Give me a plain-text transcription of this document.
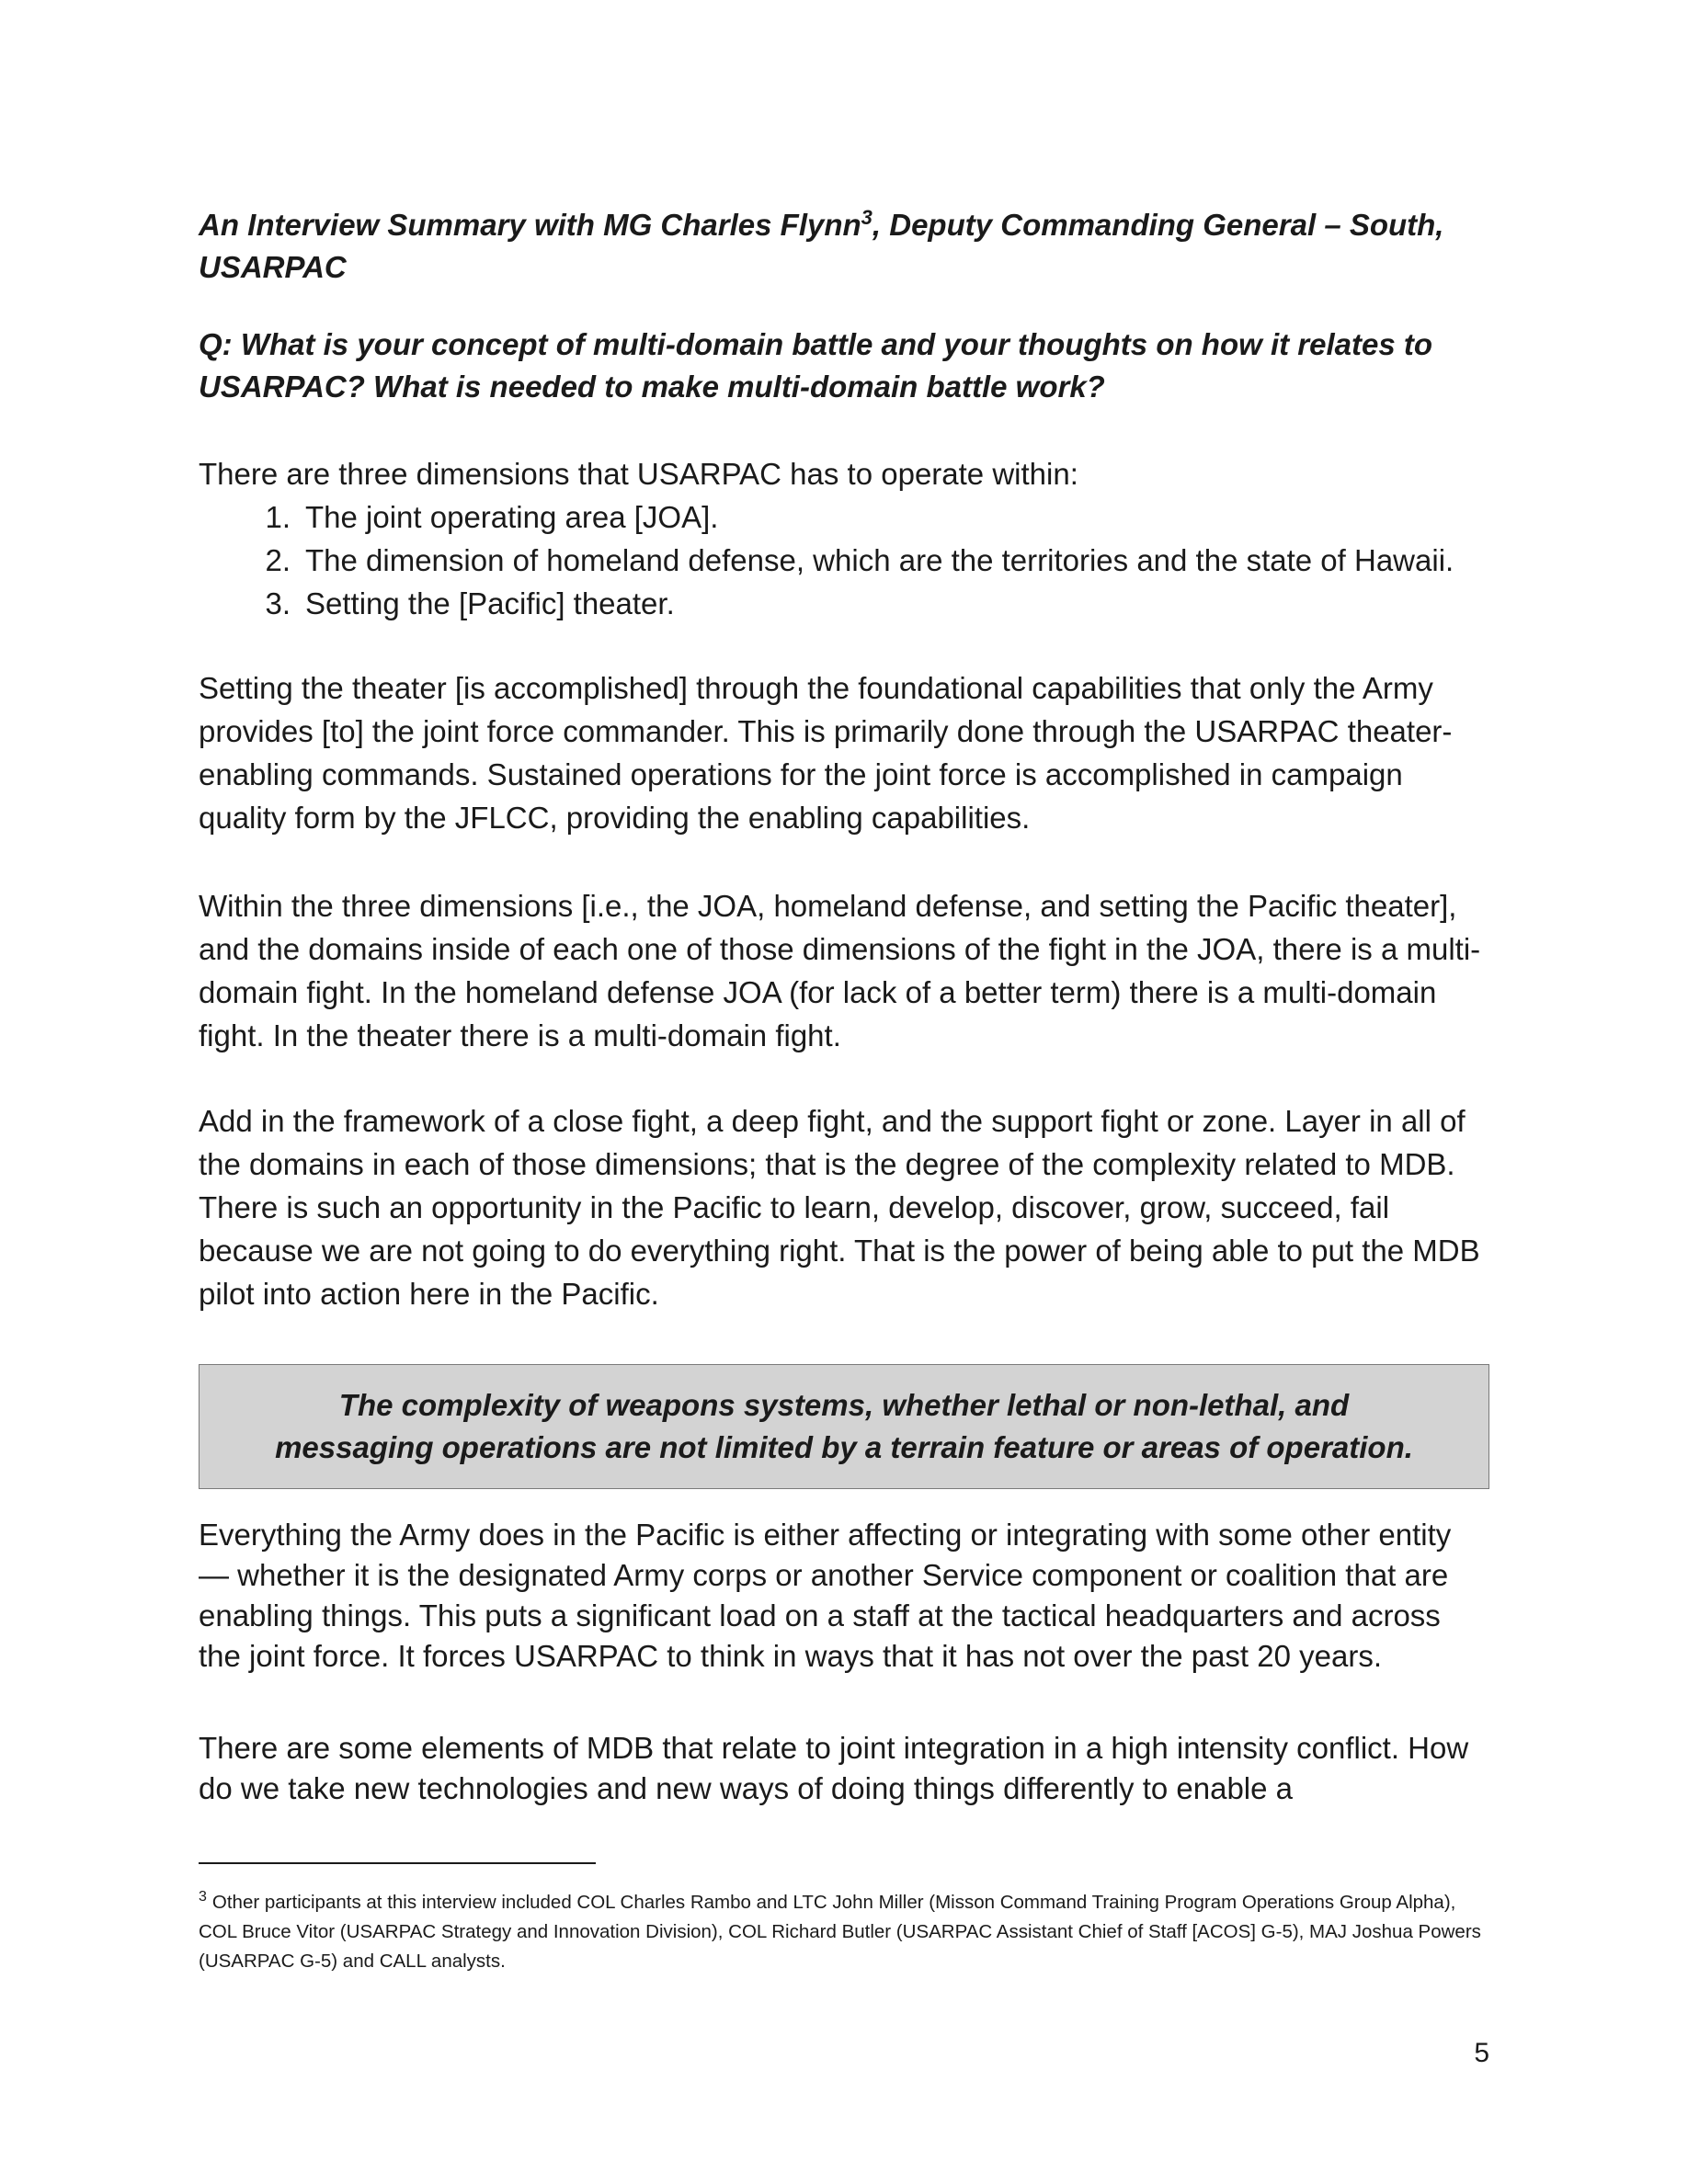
An Interview Summary with MG Charles Flynn$^3$, Deputy Commanding General – South, USARPAC

Q: What is your concept of multi-domain battle and your thoughts on how it relates to USARPAC? What is needed to make multi-domain battle work?

There are three dimensions that USARPAC has to operate within:

1. The joint operating area [JOA].
2. The dimension of homeland defense, which are the territories and the state of Hawaii.
3. Setting the [Pacific] theater.

Setting the theater [is accomplished] through the foundational capabilities that only the Army provides [to] the joint force commander. This is primarily done through the USARPAC theater-enabling commands. Sustained operations for the joint force is accomplished in campaign quality form by the JFLCC, providing the enabling capabilities.

Within the three dimensions [i.e., the JOA, homeland defense, and setting the Pacific theater], and the domains inside of each one of those dimensions of the fight in the JOA, there is a multi-domain fight. In the homeland defense JOA (for lack of a better term) there is a multi-domain fight. In the theater there is a multi-domain fight.

Add in the framework of a close fight, a deep fight, and the support fight or zone. Layer in all of the domains in each of those dimensions; that is the degree of the complexity related to MDB. There is such an opportunity in the Pacific to learn, develop, discover, grow, succeed, fail because we are not going to do everything right. That is the power of being able to put the MDB pilot into action here in the Pacific.

The complexity of weapons systems, whether lethal or non-lethal, and messaging operations are not limited by a terrain feature or areas of operation.

Everything the Army does in the Pacific is either affecting or integrating with some other entity — whether it is the designated Army corps or another Service component or coalition that are enabling things. This puts a significant load on a staff at the tactical headquarters and across the joint force. It forces USARPAC to think in ways that it has not over the past 20 years.

There are some elements of MDB that relate to joint integration in a high intensity conflict. How do we take new technologies and new ways of doing things differently to enable a

$^3$ Other participants at this interview included COL Charles Rambo and LTC John Miller (Misson Command Training Program Operations Group Alpha), COL Bruce Vitor (USARPAC Strategy and Innovation Division), COL Richard Butler (USARPAC Assistant Chief of Staff [ACOS] G-5), MAJ Joshua Powers (USARPAC G-5) and CALL analysts.

5
